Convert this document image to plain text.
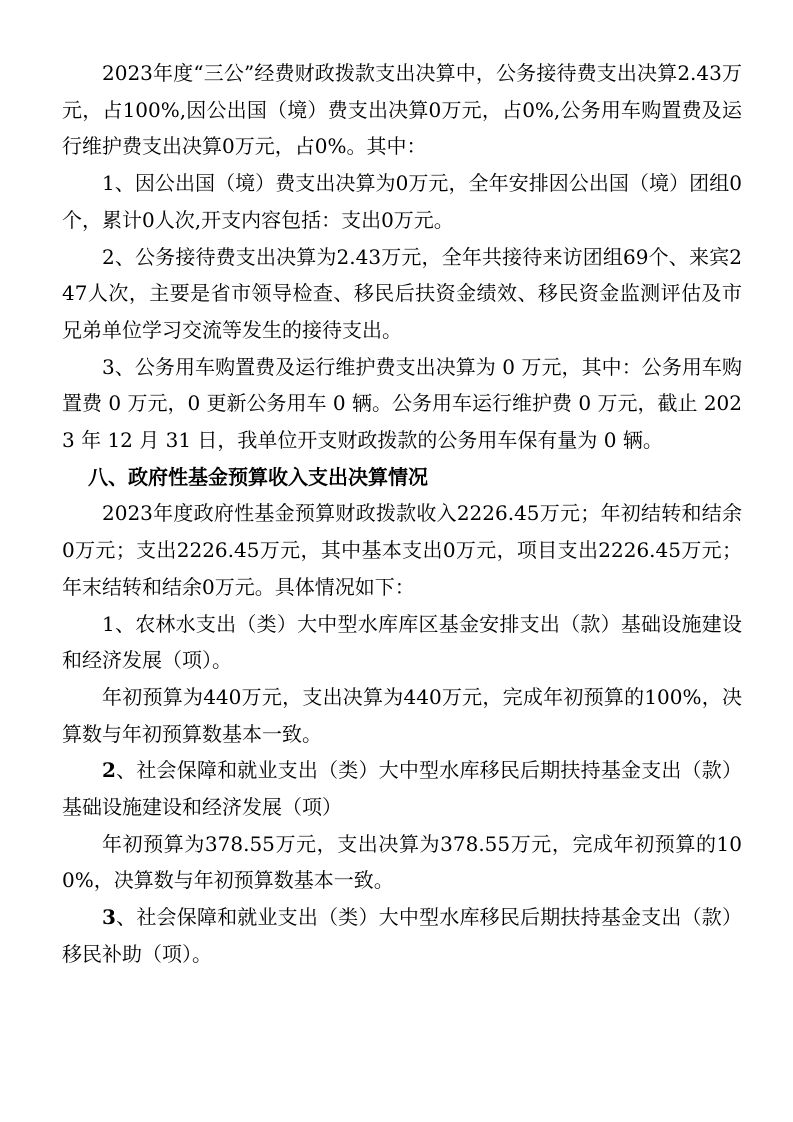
2023年度“三公”经费财政拨款支出决算中，公务接待费支出决算2.43万元，占100%,因公出国（境）费支出决算0万元，占0%,公务用车购置费及运行维护费支出决算0万元，占0%。其中：

1、因公出国（境）费支出决算为0万元，全年安排因公出国（境）团组0个，累计0人次,开支内容包括：支出0万元。

2、公务接待费支出决算为2.43万元，全年共接待来访团组69个、来宾247人次，主要是省市领导检查、移民后扶资金绩效、移民资金监测评估及市兄弟单位学习交流等发生的接待支出。

3、公务用车购置费及运行维护费支出决算为 0 万元，其中：公务用车购置费 0 万元，0 更新公务用车 0 辆。公务用车运行维护费 0 万元，截止 2023 年 12 月 31 日，我单位开支财政拨款的公务用车保有量为 0 辆。

八、政府性基金预算收入支出决算情况

2023年度政府性基金预算财政拨款收入2226.45万元；年初结转和结余0万元；支出2226.45万元，其中基本支出0万元，项目支出2226.45万元；年末结转和结余0万元。具体情况如下：

1、农林水支出（类）大中型水库库区基金安排支出（款）基础设施建设和经济发展（项）。

年初预算为440万元，支出决算为440万元，完成年初预算的100%，决算数与年初预算数基本一致。

2、社会保障和就业支出（类）大中型水库移民后期扶持基金支出（款）基础设施建设和经济发展（项）

年初预算为378.55万元，支出决算为378.55万元，完成年初预算的100%，决算数与年初预算数基本一致。

3、社会保障和就业支出（类）大中型水库移民后期扶持基金支出（款）移民补助（项）。
